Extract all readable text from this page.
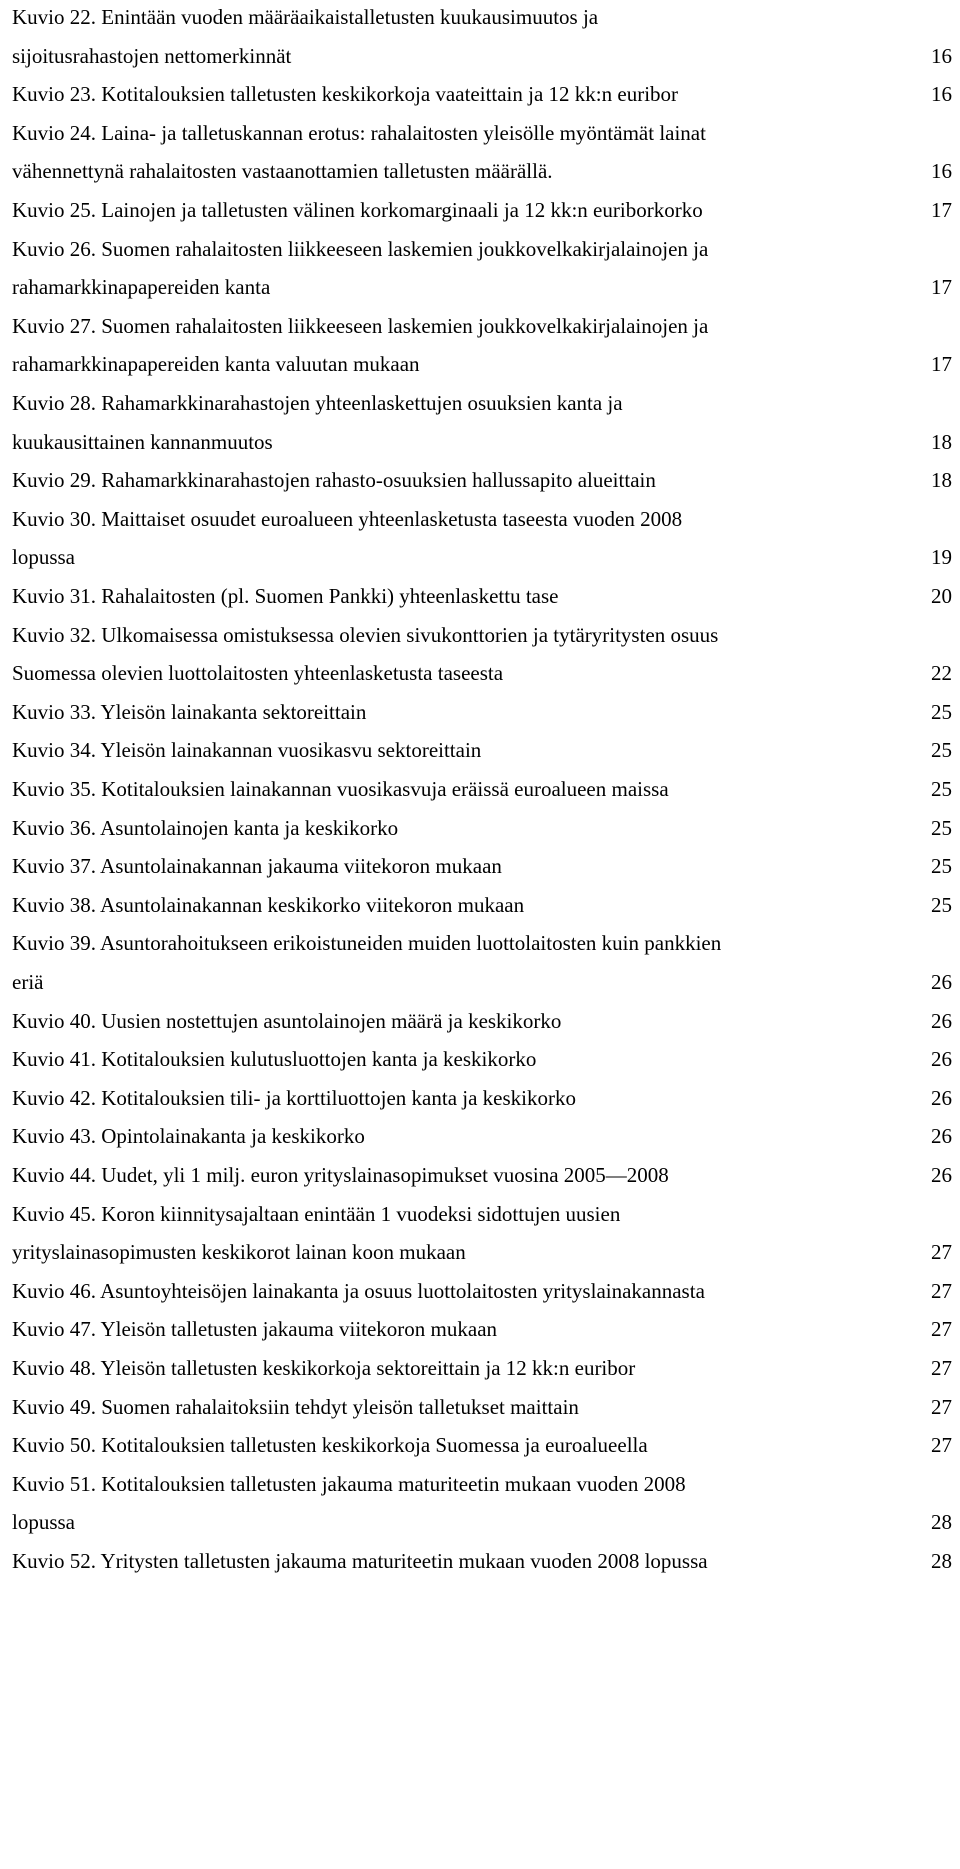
Kuvio 22. Enintään vuoden määräaikaistalletusten kuukausimuutos ja
sijoitusrahastojen nettomerkinnät	16
Kuvio 23. Kotitalouksien talletusten keskikorkoja vaateittain ja 12 kk:n euribor	16
Kuvio 24. Laina- ja talletuskannan erotus: rahalaitosten yleisölle myöntämät lainat
vähennettynä rahalaitosten vastaanottamien talletusten määrällä.	16
Kuvio 25. Lainojen ja talletusten välinen korkomarginaali ja 12 kk:n euriborkorko	17
Kuvio 26. Suomen rahalaitosten liikkeeseen laskemien joukkovelkakirjalainojen ja
rahamarkkinapapereiden kanta	17
Kuvio 27. Suomen rahalaitosten liikkeeseen laskemien joukkovelkakirjalainojen ja
rahamarkkinapapereiden kanta valuutan mukaan	17
Kuvio 28. Rahamarkkinarahastojen yhteenlaskettujen osuuksien kanta ja
kuukausittainen kannanmuutos	18
Kuvio 29. Rahamarkkinarahastojen rahasto-osuuksien hallussapito alueittain	18
Kuvio 30. Maittaiset osuudet euroalueen yhteenlasketusta taseesta vuoden 2008
lopussa	19
Kuvio 31. Rahalaitosten (pl. Suomen Pankki) yhteenlaskettu tase	20
Kuvio 32. Ulkomaisessa omistuksessa olevien sivukonttorien ja tytäryritysten osuus
Suomessa olevien luottolaitosten yhteenlasketusta taseesta	22
Kuvio 33. Yleisön lainakanta sektoreittain	25
Kuvio 34. Yleisön lainakannan vuosikasvu sektoreittain	25
Kuvio 35. Kotitalouksien lainakannan vuosikasvuja eräissä euroalueen maissa	25
Kuvio 36. Asuntolainojen kanta ja keskikorko	25
Kuvio 37. Asuntolainakannan jakauma viitekoron mukaan	25
Kuvio 38. Asuntolainakannan keskikorko viitekoron mukaan	25
Kuvio 39. Asuntorahoitukseen erikoistuneiden muiden luottolaitosten kuin pankkien
eriä	26
Kuvio 40. Uusien nostettujen asuntolainojen määrä ja keskikorko	26
Kuvio 41. Kotitalouksien kulutusluottojen kanta ja keskikorko	26
Kuvio 42. Kotitalouksien tili- ja korttiluottojen kanta ja keskikorko	26
Kuvio 43. Opintolainakanta ja keskikorko	26
Kuvio 44. Uudet, yli 1 milj. euron yrityslainasopimukset vuosina 2005—2008	26
Kuvio 45. Koron kiinnitysajaltaan enintään 1 vuodeksi sidottujen uusien
yrityslainasopimusten keskikorot lainan koon mukaan	27
Kuvio 46. Asuntoyhteisöjen lainakanta ja osuus luottolaitosten yrityslainakannasta	27
Kuvio 47. Yleisön talletusten jakauma viitekoron mukaan	27
Kuvio 48. Yleisön talletusten keskikorkoja sektoreittain ja 12 kk:n euribor	27
Kuvio 49. Suomen rahalaitoksiin tehdyt yleisön talletukset maittain	27
Kuvio 50. Kotitalouksien talletusten keskikorkoja Suomessa ja euroalueella	27
Kuvio 51. Kotitalouksien talletusten jakauma maturiteetin mukaan vuoden 2008
lopussa	28
Kuvio 52. Yritysten talletusten jakauma maturiteetin mukaan vuoden 2008 lopussa	28
